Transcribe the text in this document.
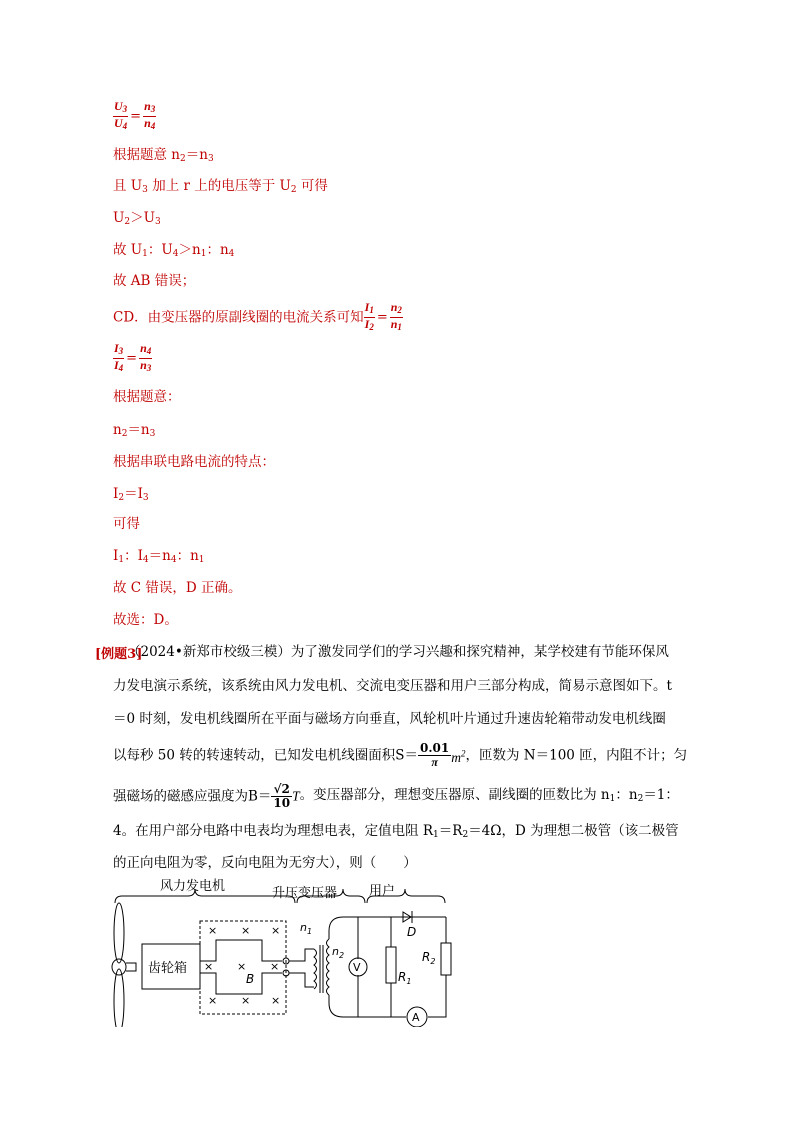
$\frac{U_3}{U_4} = \frac{n_3}{n_4}$
根据题意 $n_2=n_3$
且 $U_3$ 加上 r 上的电压等于 $U_2$ 可得
$U_2>U_3$
故 $U_1$：$U_4>n_1$：$n_4$
故 AB 错误；
CD．由变压器的原副线圈的电流关系可知 $\frac{I_1}{I_2} = \frac{n_2}{n_1}$
$\frac{I_3}{I_4} = \frac{n_4}{n_3}$
根据题意：
$n_2=n_3$
根据串联电路电流的特点：
$I_2=I_3$
可得
$I_1$：$I_4=n_4$：$n_1$
故 C 错误，D 正确。
故选：D。
[例题3]
（2024•新郑市校级三模）为了激发同学们的学习兴趣和探究精神，某学校建有节能环保风
力发电演示系统，该系统由风力发电机、交流电变压器和用户三部分构成，简易示意图如下。t
＝0 时刻，发电机线圈所在平面与磁场方向垂直，风轮机叶片通过升速齿轮箱带动发电机线圈
以每秒 50 转的转速转动，已知发电机线圈面积$S= \frac{0.01}{\pi} m^2$，匝数为 N＝100 匝，内阻不计；匀
强磁场的磁感应强度为$B= \frac{√2}{10}$ T。变压器部分，理想变压器原、副线圈的匝数比为 $n_1$：$n_2=1$：
4。在用户部分电路中电表均为理想电表，定值电阻 $R_1=R_2=4\Omega$，D 为理想二极管（该二极管
的正向电阻为零，反向电阻为无穷大），则（　　）
× × ×
× × ×
× × ×
风力发电机	升压变压器 用户
齿轮箱
B
$n_1$
$n_2$
V
A
D
$R_1$
$R_2$
